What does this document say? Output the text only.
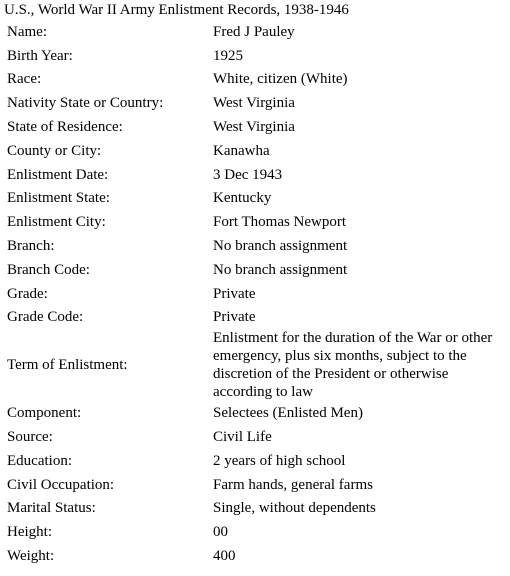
U.S., World War II Army Enlistment Records, 1938-1946
Name:	Fred J Pauley
Birth Year:	1925
Race:	White, citizen (White)
Nativity State or Country:	West Virginia
State of Residence:	West Virginia
County or City:	Kanawha
Enlistment Date:	3 Dec 1943
Enlistment State:	Kentucky
Enlistment City:	Fort Thomas Newport
Branch:	No branch assignment
Branch Code:	No branch assignment
Grade:	Private
Grade Code:	Private
Term of Enlistment:	Enlistment for the duration of the War or other emergency, plus six months, subject to the discretion of the President or otherwise according to law
Component:	Selectees (Enlisted Men)
Source:	Civil Life
Education:	2 years of high school
Civil Occupation:	Farm hands, general farms
Marital Status:	Single, without dependents
Height:	00
Weight:	400
